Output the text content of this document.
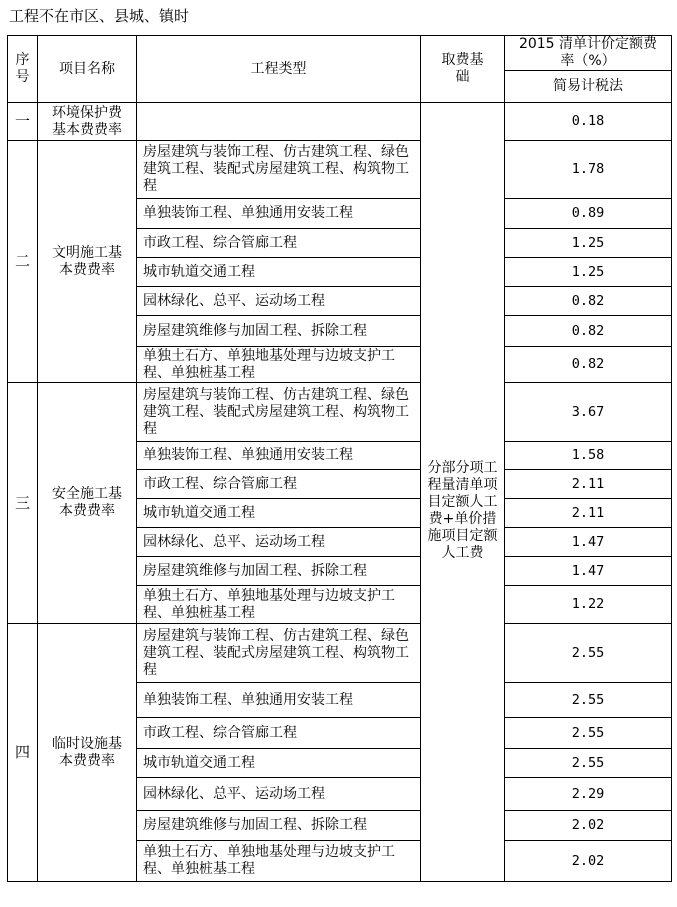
工程不在市区、县城、镇时
序号	项目名称	工程类型	取费基础	2015 清单计价定额费率（%）
				简易计税法
一	环境保护费基本费费率			0.18
二	文明施工基本费费率	房屋建筑与装饰工程、仿古建筑工程、绿色建筑工程、装配式房屋建筑工程、构筑物工程	分部分项工程量清单项目定额人工费+单价措施项目定额人工费	1.78
		单独装饰工程、单独通用安装工程		0.89
		市政工程、综合管廊工程		1.25
		城市轨道交通工程		1.25
		园林绿化、总平、运动场工程		0.82
		房屋建筑维修与加固工程、拆除工程		0.82
		单独土石方、单独地基处理与边坡支护工程、单独桩基工程		0.82
三	安全施工基本费费率	房屋建筑与装饰工程、仿古建筑工程、绿色建筑工程、装配式房屋建筑工程、构筑物工程		3.67
		单独装饰工程、单独通用安装工程		1.58
		市政工程、综合管廊工程		2.11
		城市轨道交通工程		2.11
		园林绿化、总平、运动场工程		1.47
		房屋建筑维修与加固工程、拆除工程		1.47
		单独土石方、单独地基处理与边坡支护工程、单独桩基工程		1.22
四	临时设施基本费费率	房屋建筑与装饰工程、仿古建筑工程、绿色建筑工程、装配式房屋建筑工程、构筑物工程		2.55
		单独装饰工程、单独通用安装工程		2.55
		市政工程、综合管廊工程		2.55
		城市轨道交通工程		2.55
		园林绿化、总平、运动场工程		2.29
		房屋建筑维修与加固工程、拆除工程		2.02
		单独土石方、单独地基处理与边坡支护工程、单独桩基工程		2.02
